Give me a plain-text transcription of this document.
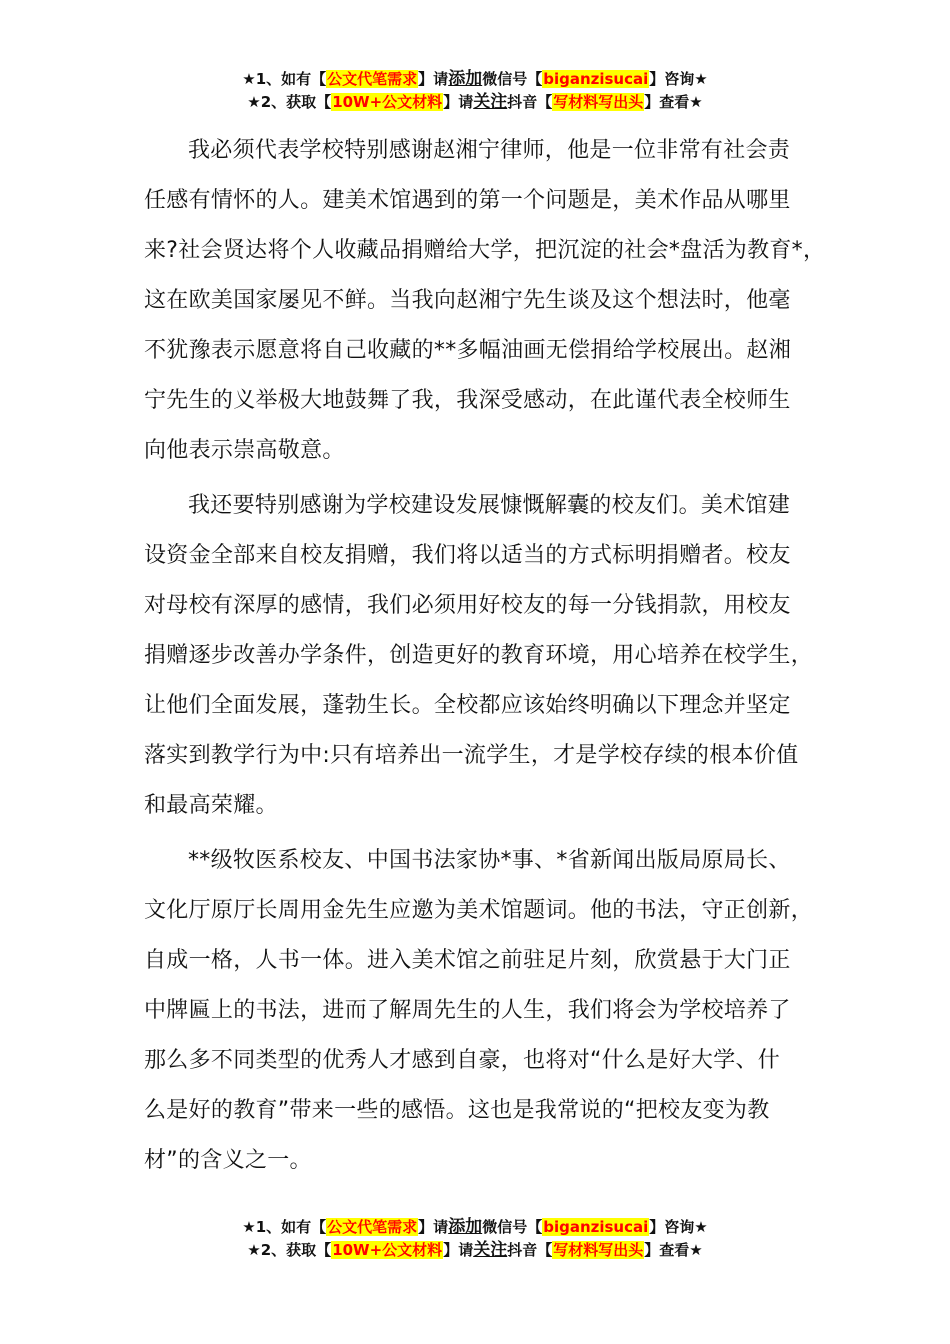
★1、如有【公文代笔需求】请添加微信号【biganzisucai】咨询★
★2、获取【10W+公文材料】请关注抖音【写材料写出头】查看★
我必须代表学校特别感谢赵湘宁律师，他是一位非常有社会责
任感有情怀的人。建美术馆遇到的第一个问题是，美术作品从哪里
来?社会贤达将个人收藏品捐赠给大学，把沉淀的社会*盘活为教育*，
这在欧美国家屡见不鲜。当我向赵湘宁先生谈及这个想法时，他毫
不犹豫表示愿意将自己收藏的**多幅油画无偿捐给学校展出。赵湘
宁先生的义举极大地鼓舞了我，我深受感动，在此谨代表全校师生
向他表示崇高敬意。
我还要特别感谢为学校建设发展慷慨解囊的校友们。美术馆建
设资金全部来自校友捐赠，我们将以适当的方式标明捐赠者。校友
对母校有深厚的感情，我们必须用好校友的每一分钱捐款，用校友
捐赠逐步改善办学条件，创造更好的教育环境，用心培养在校学生，
让他们全面发展，蓬勃生长。全校都应该始终明确以下理念并坚定
落实到教学行为中:只有培养出一流学生，才是学校存续的根本价值
和最高荣耀。
**级牧医系校友、中国书法家协*事、*省新闻出版局原局长、
文化厅原厅长周用金先生应邀为美术馆题词。他的书法，守正创新，
自成一格，人书一体。进入美术馆之前驻足片刻，欣赏悬于大门正
中牌匾上的书法，进而了解周先生的人生，我们将会为学校培养了
那么多不同类型的优秀人才感到自豪，也将对“什么是好大学、什
么是好的教育”带来一些的感悟。这也是我常说的“把校友变为教
材”的含义之一。
★1、如有【公文代笔需求】请添加微信号【biganzisucai】咨询★
★2、获取【10W+公文材料】请关注抖音【写材料写出头】查看★
